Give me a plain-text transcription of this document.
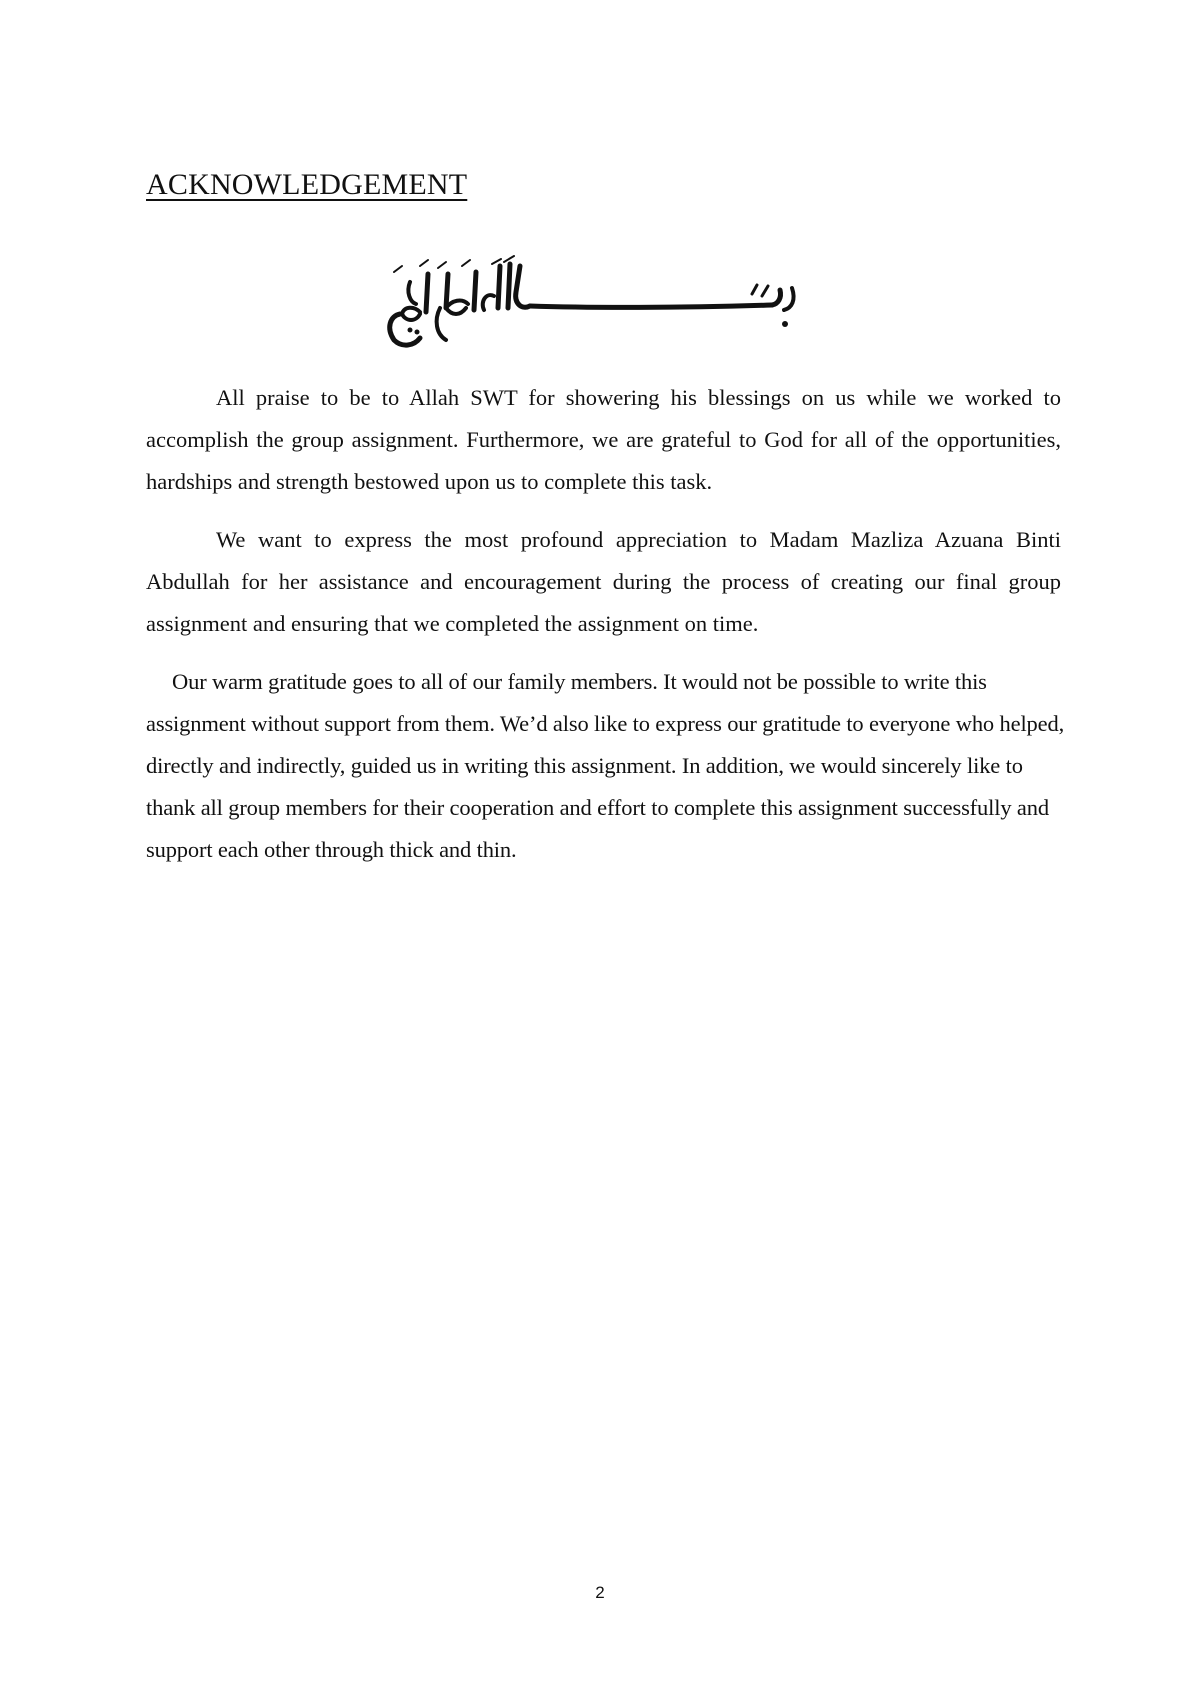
ACKNOWLEDGEMENT

All praise to be to Allah SWT for showering his blessings on us while we worked to accomplish the group assignment. Furthermore, we are grateful to God for all of the opportunities, hardships and strength bestowed upon us to complete this task.

We want to express the most profound appreciation to Madam Mazliza Azuana Binti Abdullah for her assistance and encouragement during the process of creating our final group assignment and ensuring that we completed the assignment on time.

Our warm gratitude goes to all of our family members. It would not be possible to write this assignment without support from them. We’d also like to express our gratitude to everyone who helped, directly and indirectly, guided us in writing this assignment. In addition, we would sincerely like to thank all group members for their cooperation and effort to complete this assignment successfully and support each other through thick and thin.

2
